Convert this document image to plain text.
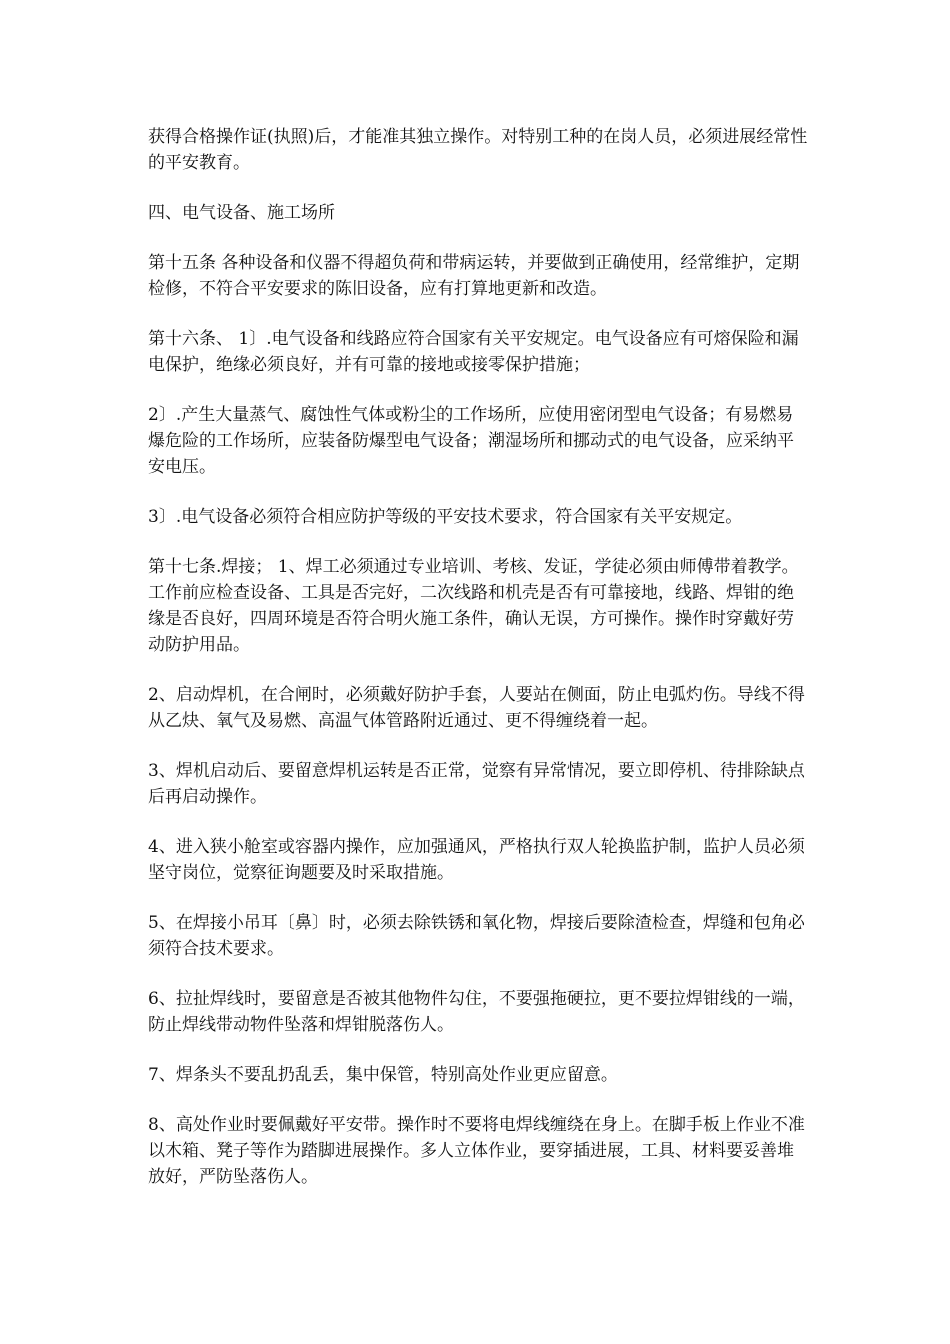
获得合格操作证(执照)后，才能准其独立操作。对特别工种的在岗人员，必须进展经常性的平安教育。

四、电气设备、施工场所

第十五条 各种设备和仪器不得超负荷和带病运转，并要做到正确使用，经常维护，定期检修，不符合平安要求的陈旧设备，应有打算地更新和改造。

第十六条、 1〕.电气设备和线路应符合国家有关平安规定。电气设备应有可熔保险和漏电保护，绝缘必须良好，并有可靠的接地或接零保护措施；

2〕.产生大量蒸气、腐蚀性气体或粉尘的工作场所，应使用密闭型电气设备；有易燃易爆危险的工作场所，应装备防爆型电气设备；潮湿场所和挪动式的电气设备，应采纳平安电压。

3〕.电气设备必须符合相应防护等级的平安技术要求，符合国家有关平安规定。

第十七条.焊接； 1、焊工必须通过专业培训、考核、发证，学徒必须由师傅带着教学。工作前应检查设备、工具是否完好，二次线路和机壳是否有可靠接地，线路、焊钳的绝缘是否良好，四周环境是否符合明火施工条件，确认无误，方可操作。操作时穿戴好劳动防护用品。

2、启动焊机，在合闸时，必须戴好防护手套，人要站在侧面，防止电弧灼伤。导线不得从乙炔、氧气及易燃、高温气体管路附近通过、更不得缠绕着一起。

3、焊机启动后、要留意焊机运转是否正常，觉察有异常情况，要立即停机、待排除缺点后再启动操作。

4、进入狭小舱室或容器内操作，应加强通风，严格执行双人轮换监护制，监护人员必须坚守岗位，觉察征询题要及时采取措施。

5、在焊接小吊耳〔鼻〕时，必须去除铁锈和氧化物，焊接后要除渣检查，焊缝和包角必须符合技术要求。

6、拉扯焊线时，要留意是否被其他物件勾住，不要强拖硬拉，更不要拉焊钳线的一端，防止焊线带动物件坠落和焊钳脱落伤人。

7、焊条头不要乱扔乱丢，集中保管，特别高处作业更应留意。

8、高处作业时要佩戴好平安带。操作时不要将电焊线缠绕在身上。在脚手板上作业不准以木箱、凳子等作为踏脚进展操作。多人立体作业，要穿插进展，工具、材料要妥善堆放好，严防坠落伤人。
